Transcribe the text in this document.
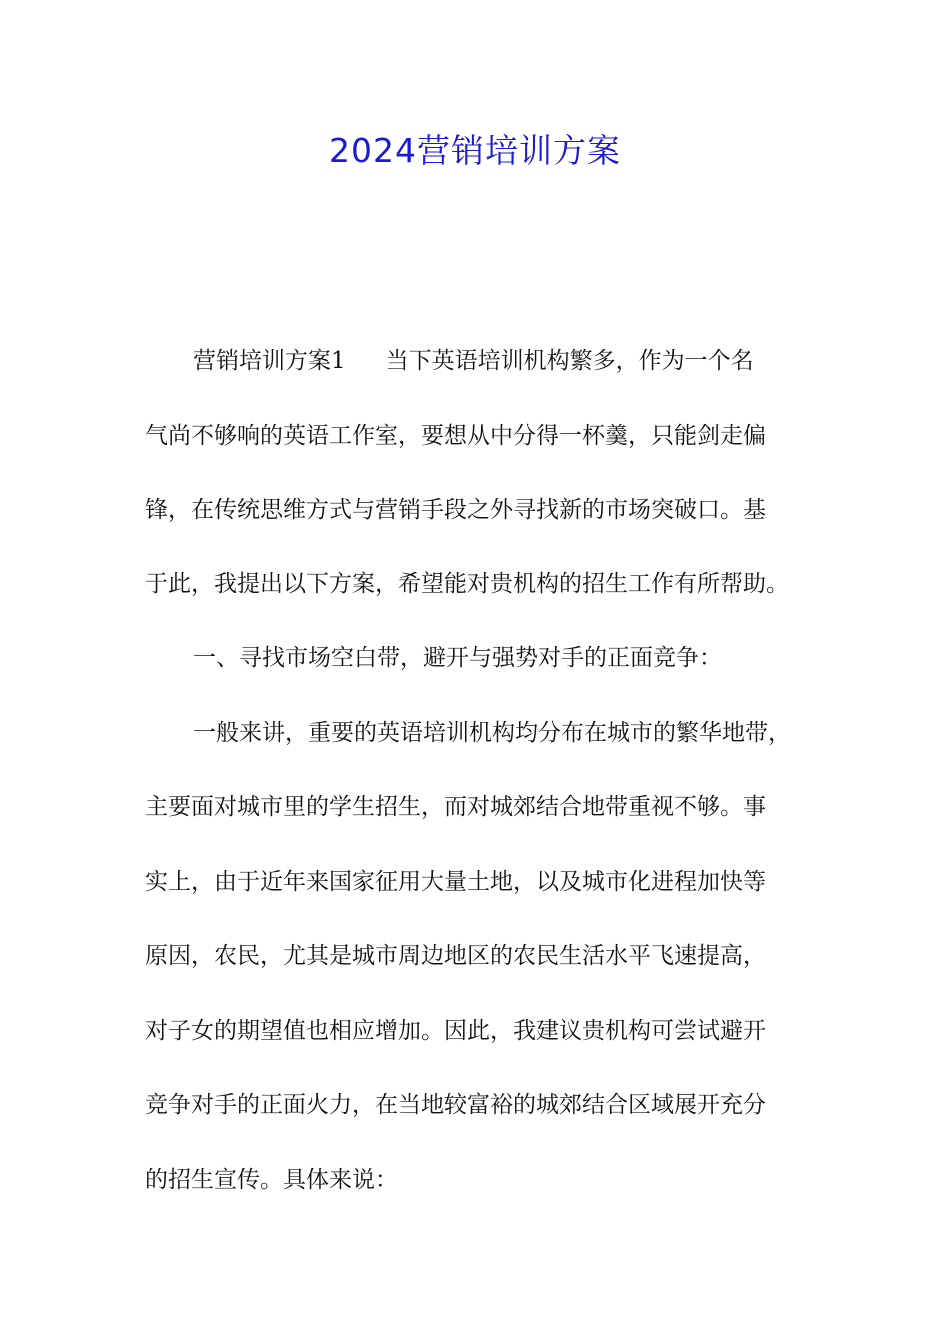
2024营销培训方案
营销培训方案1 当下英语培训机构繁多，作为一个名
气尚不够响的英语工作室，要想从中分得一杯羹，只能剑走偏
锋，在传统思维方式与营销手段之外寻找新的市场突破口。基
于此，我提出以下方案，希望能对贵机构的招生工作有所帮助。
一、寻找市场空白带，避开与强势对手的正面竞争：
一般来讲，重要的英语培训机构均分布在城市的繁华地带，
主要面对城市里的学生招生，而对城郊结合地带重视不够。事
实上，由于近年来国家征用大量土地，以及城市化进程加快等
原因，农民，尤其是城市周边地区的农民生活水平飞速提高，
对子女的期望值也相应增加。因此，我建议贵机构可尝试避开
竞争对手的正面火力，在当地较富裕的城郊结合区域展开充分
的招生宣传。具体来说：
